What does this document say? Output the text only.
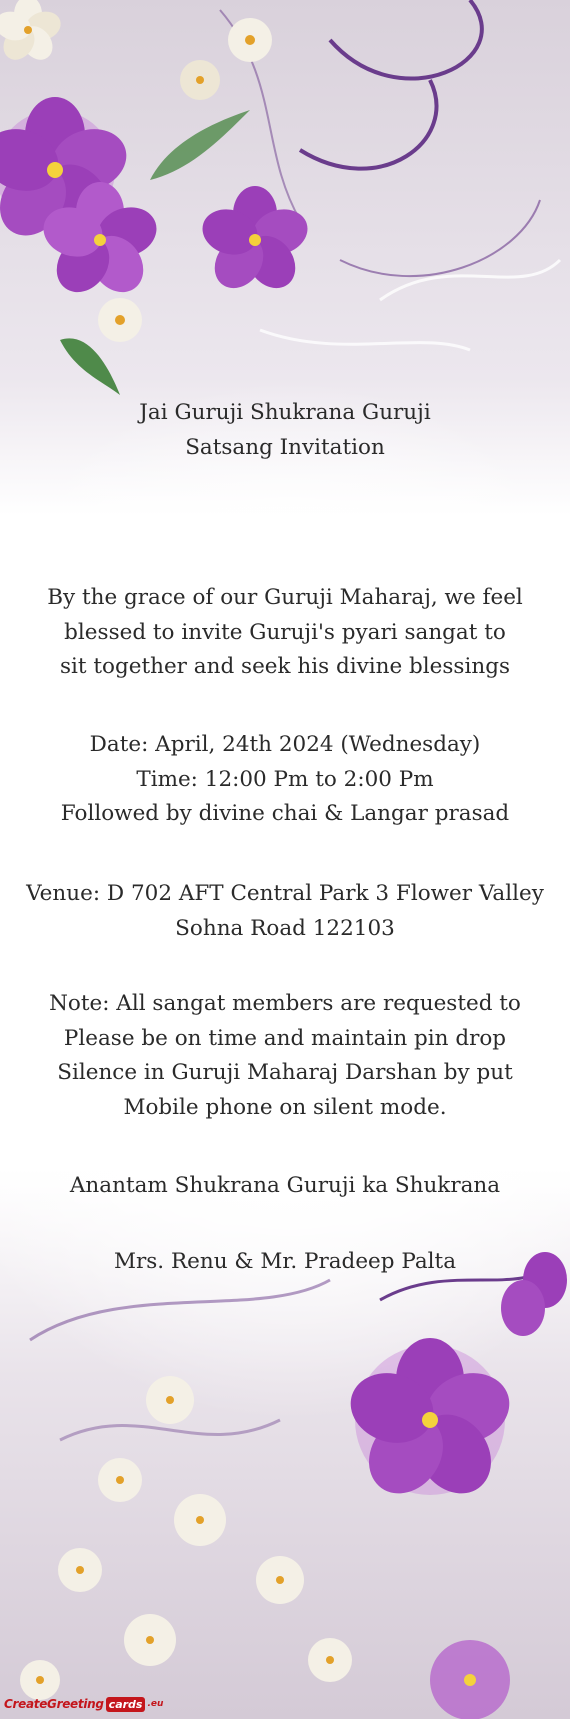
Jai Guruji Shukrana Guruji
Satsang Invitation
By the grace of our Guruji Maharaj, we feel
blessed to invite Guruji's pyari sangat to
sit together and seek his divine blessings
Date: April, 24th 2024 (Wednesday)
Time: 12:00 Pm to 2:00 Pm
Followed by divine chai & Langar prasad
Venue: D 702 AFT Central Park 3 Flower Valley
Sohna Road 122103
Note: All sangat members are requested to
Please be on time and maintain pin drop
Silence in Guruji Maharaj Darshan by put
Mobile phone on silent mode.
Anantam Shukrana Guruji ka Shukrana
Mrs. Renu & Mr. Pradeep Palta
CreateGreeting cards .eu
